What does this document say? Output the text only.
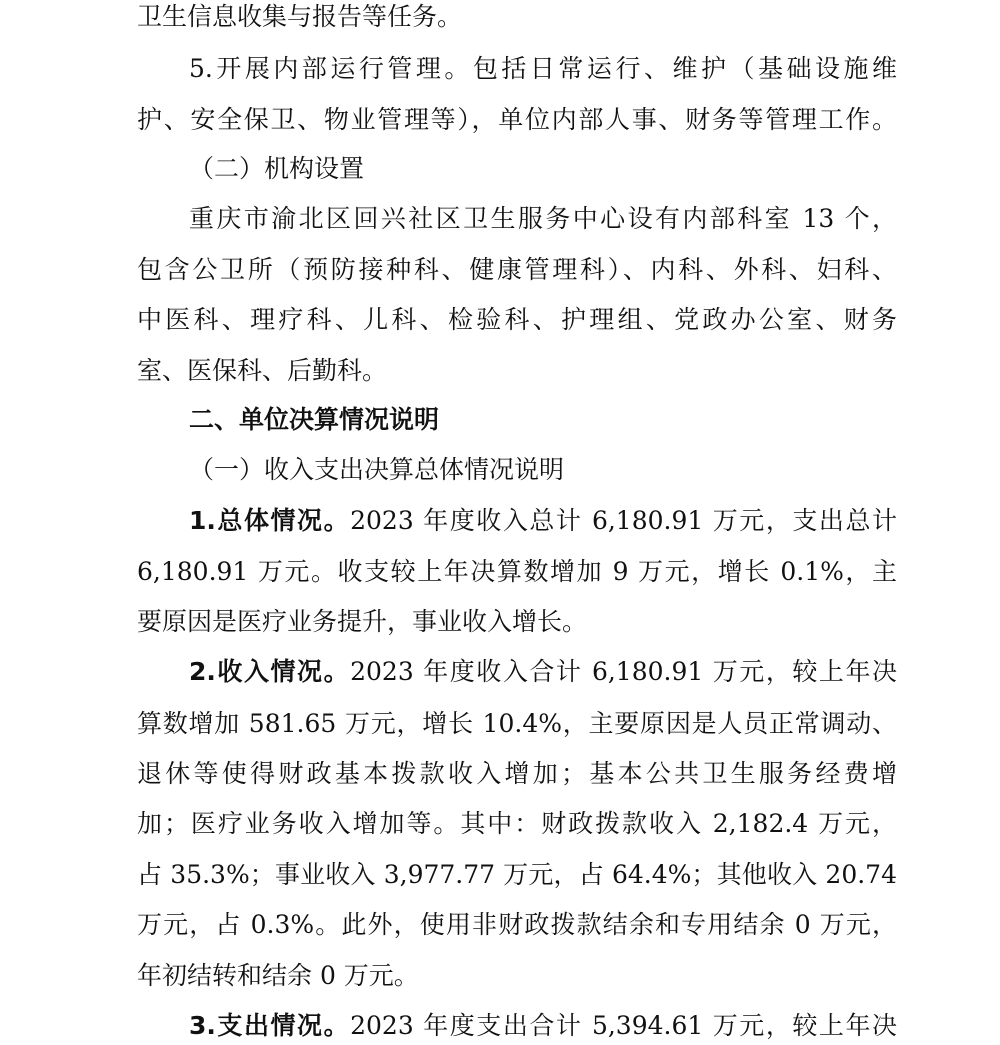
卫生信息收集与报告等任务。
5.开展内部运行管理。包括日常运行、维护（基础设施维
护、安全保卫、物业管理等），单位内部人事、财务等管理工作。
（二）机构设置
重庆市渝北区回兴社区卫生服务中心设有内部科室 13 个，
包含公卫所（预防接种科、健康管理科）、内科、外科、妇科、
中医科、理疗科、儿科、检验科、护理组、党政办公室、财务
室、医保科、后勤科。
二、单位决算情况说明
（一）收入支出决算总体情况说明
1.总体情况。2023 年度收入总计 6,180.91 万元，支出总计
6,180.91 万元。收支较上年决算数增加 9 万元，增长 0.1%，主
要原因是医疗业务提升，事业收入增长。
2.收入情况。2023 年度收入合计 6,180.91 万元，较上年决
算数增加 581.65 万元，增长 10.4%，主要原因是人员正常调动、
退休等使得财政基本拨款收入增加；基本公共卫生服务经费增
加；医疗业务收入增加等。其中：财政拨款收入 2,182.4 万元，
占 35.3%；事业收入 3,977.77 万元，占 64.4%；其他收入 20.74
万元，占 0.3%。此外，使用非财政拨款结余和专用结余 0 万元，
年初结转和结余 0 万元。
3.支出情况。2023 年度支出合计 5,394.61 万元，较上年决
